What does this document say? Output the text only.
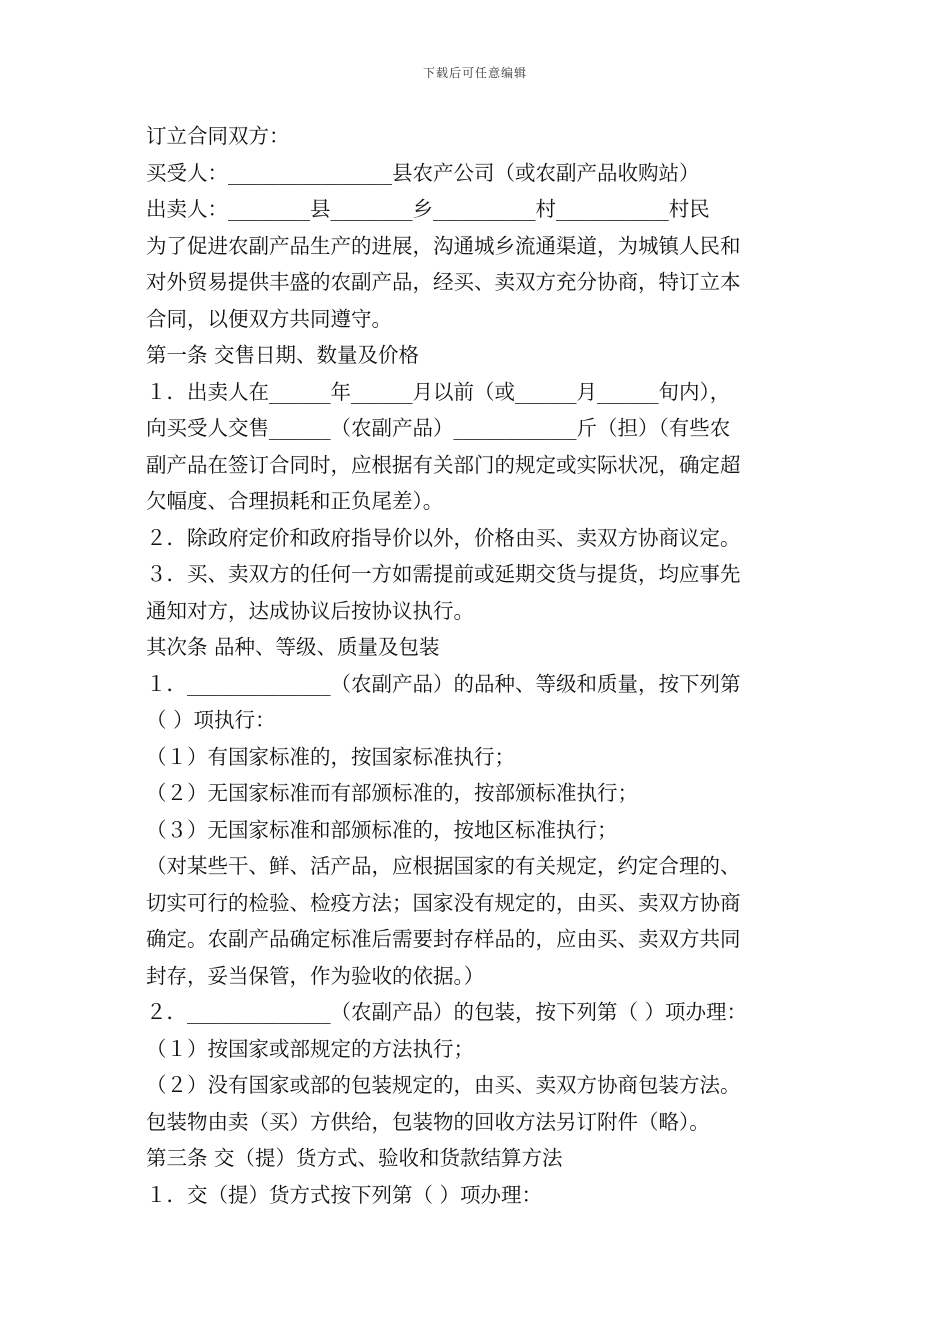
下载后可任意编辑
订立合同双方：
买受人：________________县农产公司（或农副产品收购站）
出卖人：________县________乡__________村___________村民
为了促进农副产品生产的进展，沟通城乡流通渠道，为城镇人民和
对外贸易提供丰盛的农副产品，经买、卖双方充分协商，特订立本
合同，以便双方共同遵守。
第一条 交售日期、数量及价格
１．出卖人在______年______月以前（或______月______旬内），
向买受人交售______（农副产品）____________斤（担）（有些农
副产品在签订合同时，应根据有关部门的规定或实际状况，确定超
欠幅度、合理损耗和正负尾差）。
２．除政府定价和政府指导价以外，价格由买、卖双方协商议定。
３．买、卖双方的任何一方如需提前或延期交货与提货，均应事先
通知对方，达成协议后按协议执行。
其次条 品种、等级、质量及包装
１．______________（农副产品）的品种、等级和质量，按下列第
（ ）项执行：
（１）有国家标准的，按国家标准执行；
（２）无国家标准而有部颁标准的，按部颁标准执行；
（３）无国家标准和部颁标准的，按地区标准执行；
（对某些干、鲜、活产品，应根据国家的有关规定，约定合理的、
切实可行的检验、检疫方法；国家没有规定的，由买、卖双方协商
确定。农副产品确定标准后需要封存样品的，应由买、卖双方共同
封存，妥当保管，作为验收的依据。）
２．______________（农副产品）的包装，按下列第（ ）项办理：
（１）按国家或部规定的方法执行；
（２）没有国家或部的包装规定的，由买、卖双方协商包装方法。
包装物由卖（买）方供给，包装物的回收方法另订附件（略）。
第三条 交（提）货方式、验收和货款结算方法
１．交（提）货方式按下列第（ ）项办理：
